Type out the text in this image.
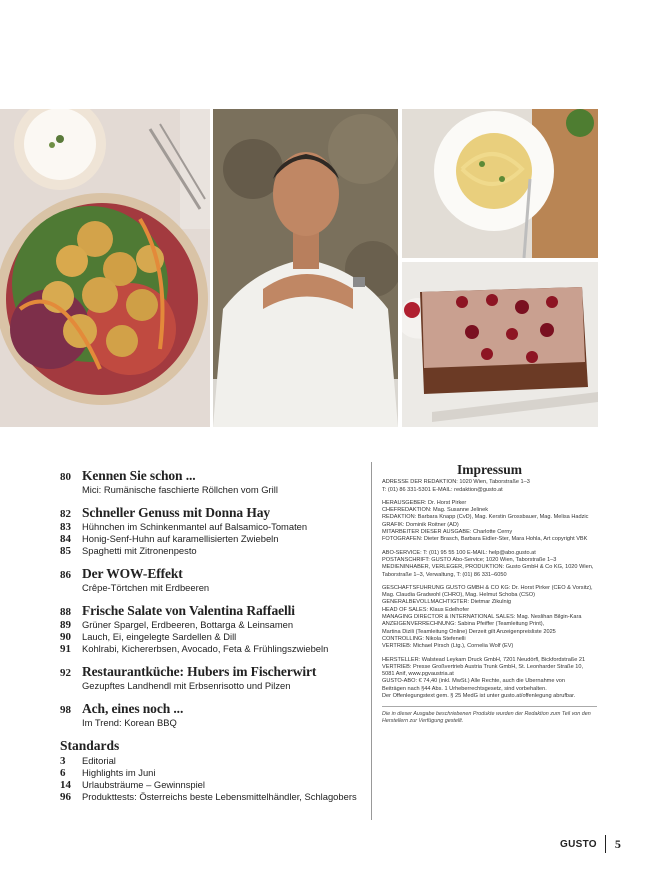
80 Kennen Sie schon ...
Mici: Rumänische faschierte Röllchen vom Grill
82 Schneller Genuss mit Donna Hay
83	Hühnchen im Schinkenmantel auf Balsamico-Tomaten
84	Honig-Senf-Huhn auf karamellisierten Zwiebeln
85	Spaghetti mit Zitronenpesto
86 Der WOW-Effekt
Crêpe-Törtchen mit Erdbeeren
88 Frische Salate von Valentina Raffaelli
89	Grüner Spargel, Erdbeeren, Bottarga & Leinsamen
90	Lauch, Ei, eingelegte Sardellen & Dill
91	Kohlrabi, Kichererbsen, Avocado, Feta & Frühlingszwiebeln
92 Restaurantküche: Hubers im Fischerwirt
Gezupftes Landhendl mit Erbsenrisotto und Pilzen
98 Ach, eines noch ...
Im Trend: Korean BBQ
Standards
3	Editorial
6	Highlights im Juni
14	Urlaubsträume – Gewinnspiel
96	Produkttests: Österreichs beste Lebensmittelhändler, Schlagobers
Impressum
ADRESSE DER REDAKTION: 1020 Wien, Taborstraße 1–3
T: (01) 86 331-5301 E-MAIL: redaktion@gusto.at
HERAUSGEBER: Dr. Horst Pirker
CHEFREDAKTION: Mag. Susanne Jelinek
REDAKTION: Barbara Knapp (CvD), Mag. Kerstin Grossbauer, Mag. Melisa Hadzic
GRAFIK: Dominik Roitner (AD)
MITARBEITER DIESER AUSGABE: Charlotte Cerny
FOTOGRAFEN: Dieter Brasch, Barbara Eidler-Ster, Mara Hohla, Art copyright VBK
ABO-SERVICE: T: (01) 95 55 100 E-MAIL: help@abo.gusto.at
POSTANSCHRIFT: GUSTO Abo-Service; 1020 Wien, Taborstraße 1–3
MEDIENINHABER, VERLEGER, PRODUKTION: Gusto GmbH & Co KG, 1020 Wien,
Taborstraße 1–3, Verwaltung, T: (01) 86 331–6050
GESCHÄFTSFÜHRUNG GUSTO GMBH & CO KG: Dr. Horst Pirker (CEO & Vorsitz),
Mag. Claudia Gradwohl (CHRO), Mag. Helmut Schoba (CSO)
GENERALBEVOLLMÄCHTIGTER: Dietmar Zikulnig
HEAD OF SALES: Klaus Edelhofer
MANAGING DIRECTOR & INTERNATIONAL SALES: Mag. Neslihan Bilgin-Kara
ANZEIGENVERRECHNUNG: Sabina Pfeiffer (Teamleitung Print),
Martina Dizili (Teamleitung Online) Derzeit gilt Anzeigenpreisliste 2025
CONTROLLING: Nikola Stefenelli
VERTRIEB: Michael Pirsch (Ltg.), Cornelia Wolf (EV)
HERSTELLER: Walstead Leykam Druck GmbH, 7201 Neudörfl, Bickfordstraße 21
VERTRIEB: Presse Großvertrieb Austria Trunk GmbH, St. Leonharder Straße 10,
5081 Anif, www.pgvaustria.at
GUSTO-ABO: € 74,40 (inkl. MwSt.) Alle Rechte, auch die Übernahme von
Beiträgen nach §44 Abs. 1 Urheberrechtsgesetz, sind vorbehalten.
Der Offenlegungstext gem. § 25 MedG ist unter gusto.at/offenlegung abrufbar.
Die in dieser Ausgabe beschriebenen Produkte wurden der Redaktion zum Teil von den Herstellern zur Verfügung gestellt.
GUSTO 5
